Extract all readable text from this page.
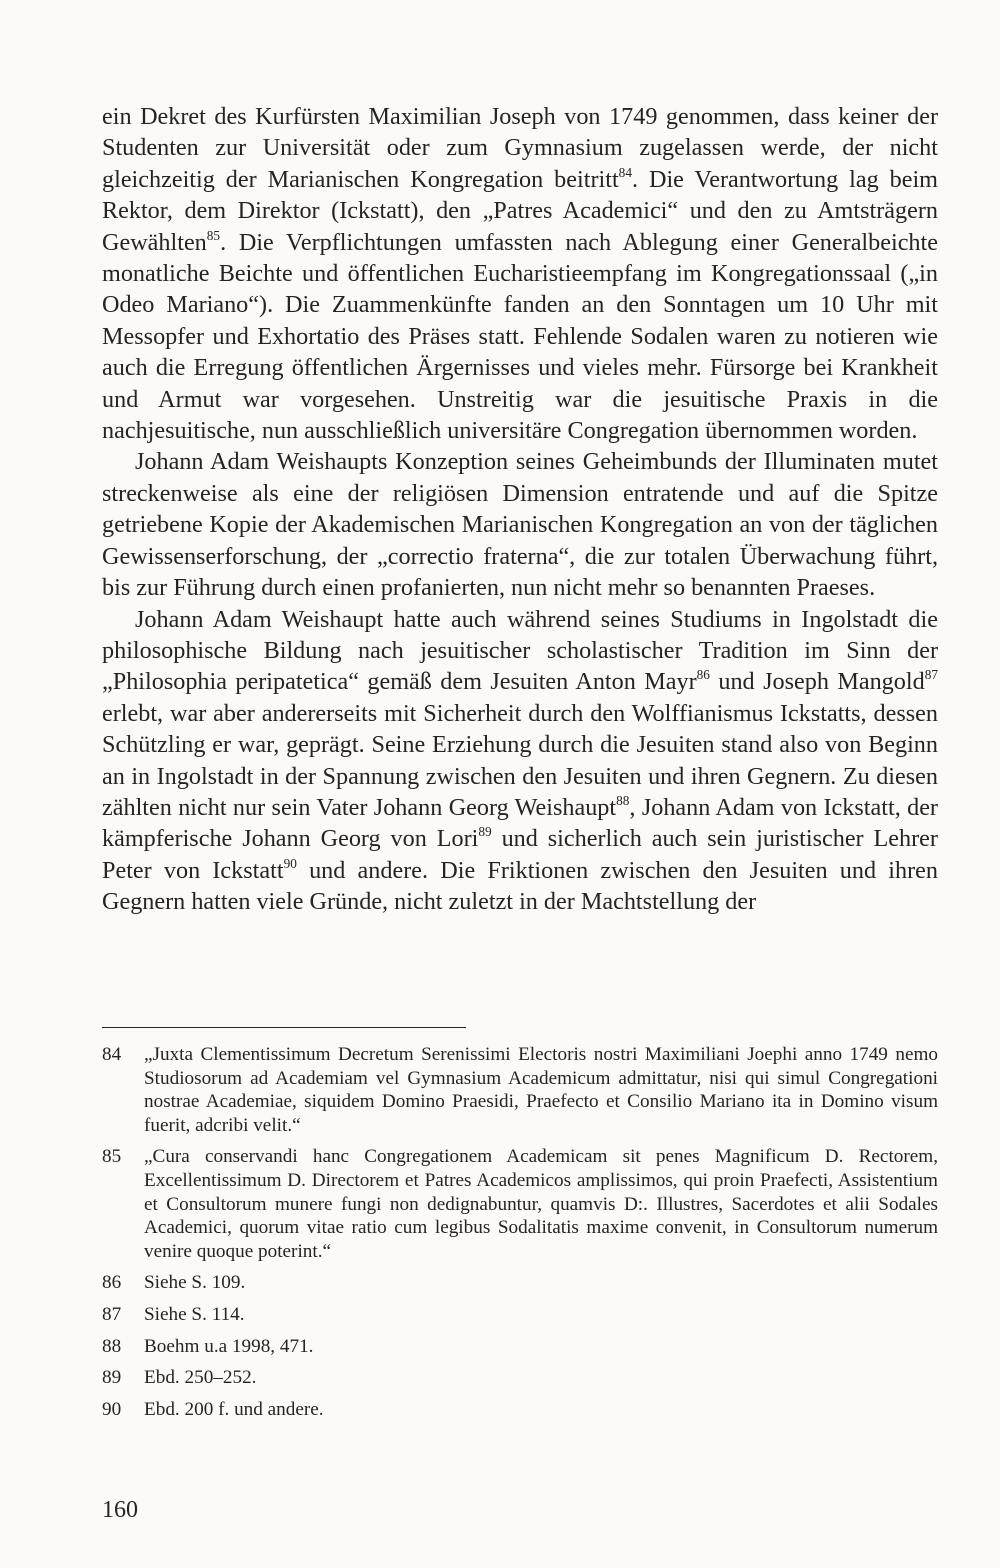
ein Dekret des Kurfürsten Maximilian Joseph von 1749 genommen, dass keiner der Studenten zur Universität oder zum Gymnasium zugelassen werde, der nicht gleichzeitig der Marianischen Kongregation beitritt$^{84}$. Die Verantwortung lag beim Rektor, dem Direktor (Ickstatt), den „Patres Academici“ und den zu Amtsträgern Gewählten$^{85}$. Die Verpflichtungen umfassten nach Ablegung einer Generalbeichte monatliche Beichte und öffentlichen Eucharistieempfang im Kongregationssaal („in Odeo Mariano“). Die Zuammenkünfte fanden an den Sonntagen um 10 Uhr mit Messopfer und Exhortatio des Präses statt. Fehlende Sodalen waren zu notieren wie auch die Erregung öffentlichen Ärgernisses und vieles mehr. Fürsorge bei Krankheit und Armut war vorgesehen. Unstreitig war die jesuitische Praxis in die nachjesuitische, nun ausschließlich universitäre Congregation übernommen worden.

Johann Adam Weishaupts Konzeption seines Geheimbunds der Illuminaten mutet streckenweise als eine der religiösen Dimension entratende und auf die Spitze getriebene Kopie der Akademischen Marianischen Kongregation an von der täglichen Gewissenserforschung, der „correctio fraterna“, die zur totalen Überwachung führt, bis zur Führung durch einen profanierten, nun nicht mehr so benannten Praeses.

Johann Adam Weishaupt hatte auch während seines Studiums in Ingolstadt die philosophische Bildung nach jesuitischer scholastischer Tradition im Sinn der „Philosophia peripatetica“ gemäß dem Jesuiten Anton Mayr$^{86}$ und Joseph Mangold$^{87}$ erlebt, war aber andererseits mit Sicherheit durch den Wolffianismus Ickstatts, dessen Schützling er war, geprägt. Seine Erziehung durch die Jesuiten stand also von Beginn an in Ingolstadt in der Spannung zwischen den Jesuiten und ihren Gegnern. Zu diesen zählten nicht nur sein Vater Johann Georg Weishaupt$^{88}$, Johann Adam von Ickstatt, der kämpferische Johann Georg von Lori$^{89}$ und sicherlich auch sein juristischer Lehrer Peter von Ickstatt$^{90}$ und andere. Die Friktionen zwischen den Jesuiten und ihren Gegnern hatten viele Gründe, nicht zuletzt in der Machtstellung der

84	„Juxta Clementissimum Decretum Serenissimi Electoris nostri Maximiliani Joephi anno 1749 nemo Studiosorum ad Academiam vel Gymnasium Academicum admittatur, nisi qui simul Congregationi nostrae Academiae, siquidem Domino Praesidi, Praefecto et Consilio Mariano ita in Domino visum fuerit, adcribi velit.“
85	„Cura conservandi hanc Congregationem Academicam sit penes Magnificum D. Rectorem, Excellentissimum D. Directorem et Patres Academicos amplissimos, qui proin Praefecti, Assistentium et Consultorum munere fungi non dedignabuntur, quamvis D:. Illustres, Sacerdotes et alii Sodales Academici, quorum vitae ratio cum legibus Sodalitatis maxime convenit, in Consultorum numerum venire quoque poterint.“
86	Siehe S. 109.
87	Siehe S. 114.
88	Boehm u.a 1998, 471.
89	Ebd. 250–252.
90	Ebd. 200 f. und andere.
160
